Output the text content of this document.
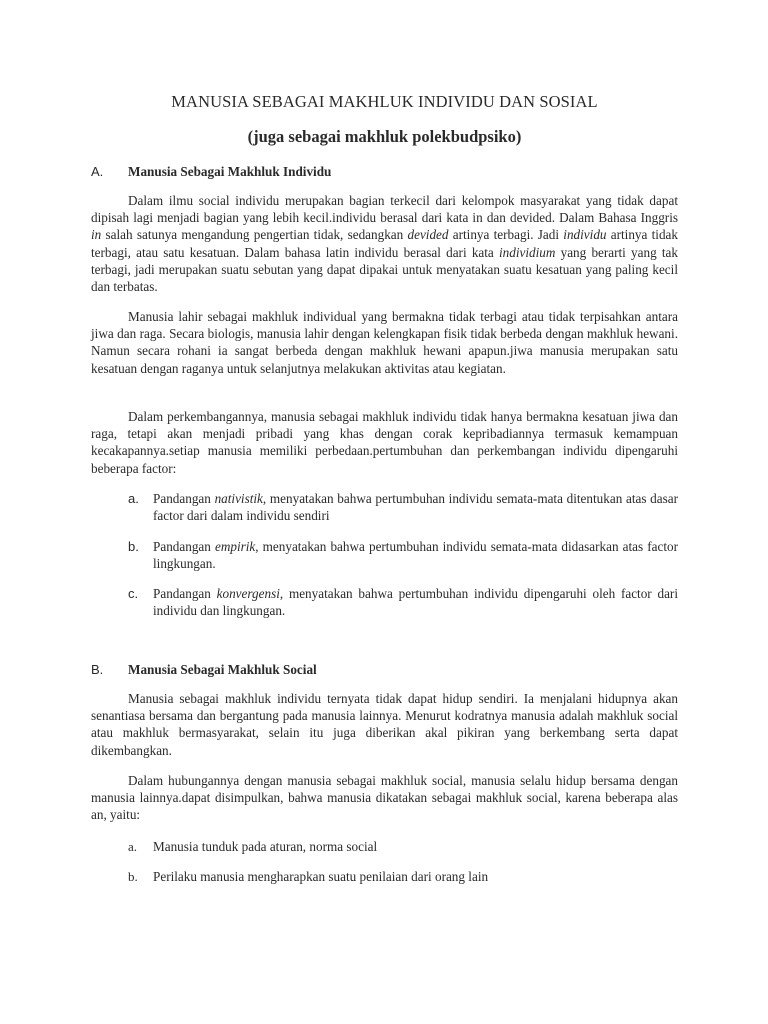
MANUSIA SEBAGAI MAKHLUK INDIVIDU DAN SOSIAL
(juga sebagai makhluk polekbudpsiko)
A. Manusia Sebagai Makhluk Individu

Dalam ilmu social individu merupakan bagian terkecil dari kelompok masyarakat yang tidak dapat dipisah lagi menjadi bagian yang lebih kecil.individu berasal dari kata in dan devided. Dalam Bahasa Inggris in salah satunya mengandung pengertian tidak, sedangkan devided artinya terbagi. Jadi individu artinya tidak terbagi, atau satu kesatuan. Dalam bahasa latin individu berasal dari kata individium yang berarti yang tak terbagi, jadi merupakan suatu sebutan yang dapat dipakai untuk menyatakan suatu kesatuan yang paling kecil dan terbatas.

Manusia lahir sebagai makhluk individual yang bermakna tidak terbagi atau tidak terpisahkan antara jiwa dan raga. Secara biologis, manusia lahir dengan kelengkapan fisik tidak berbeda dengan makhluk hewani. Namun secara rohani ia sangat berbeda dengan makhluk hewani apapun.jiwa manusia merupakan satu kesatuan dengan raganya untuk selanjutnya melakukan aktivitas atau kegiatan.

Dalam perkembangannya, manusia sebagai makhluk individu tidak hanya bermakna kesatuan jiwa dan raga, tetapi akan menjadi pribadi yang khas dengan corak kepribadiannya termasuk kemampuan kecakapannya.setiap manusia memiliki perbedaan.pertumbuhan dan perkembangan individu dipengaruhi beberapa factor:

a. Pandangan nativistik, menyatakan bahwa pertumbuhan individu semata-mata ditentukan atas dasar factor dari dalam individu sendiri
b. Pandangan empirik, menyatakan bahwa pertumbuhan individu semata-mata didasarkan atas factor lingkungan.
c. Pandangan konvergensi, menyatakan bahwa pertumbuhan individu dipengaruhi oleh factor dari individu dan lingkungan.
B. Manusia Sebagai Makhluk Social

Manusia sebagai makhluk individu ternyata tidak dapat hidup sendiri. Ia menjalani hidupnya akan senantiasa bersama dan bergantung pada manusia lainnya. Menurut kodratnya manusia adalah makhluk social atau makhluk bermasyarakat, selain itu juga diberikan akal pikiran yang berkembang serta dapat dikembangkan.

Dalam hubungannya dengan manusia sebagai makhluk social, manusia selalu hidup bersama dengan manusia lainnya.dapat disimpulkan, bahwa manusia dikatakan sebagai makhluk social, karena beberapa alas an, yaitu:

a. Manusia tunduk pada aturan, norma social
b. Perilaku manusia mengharapkan suatu penilaian dari orang lain
